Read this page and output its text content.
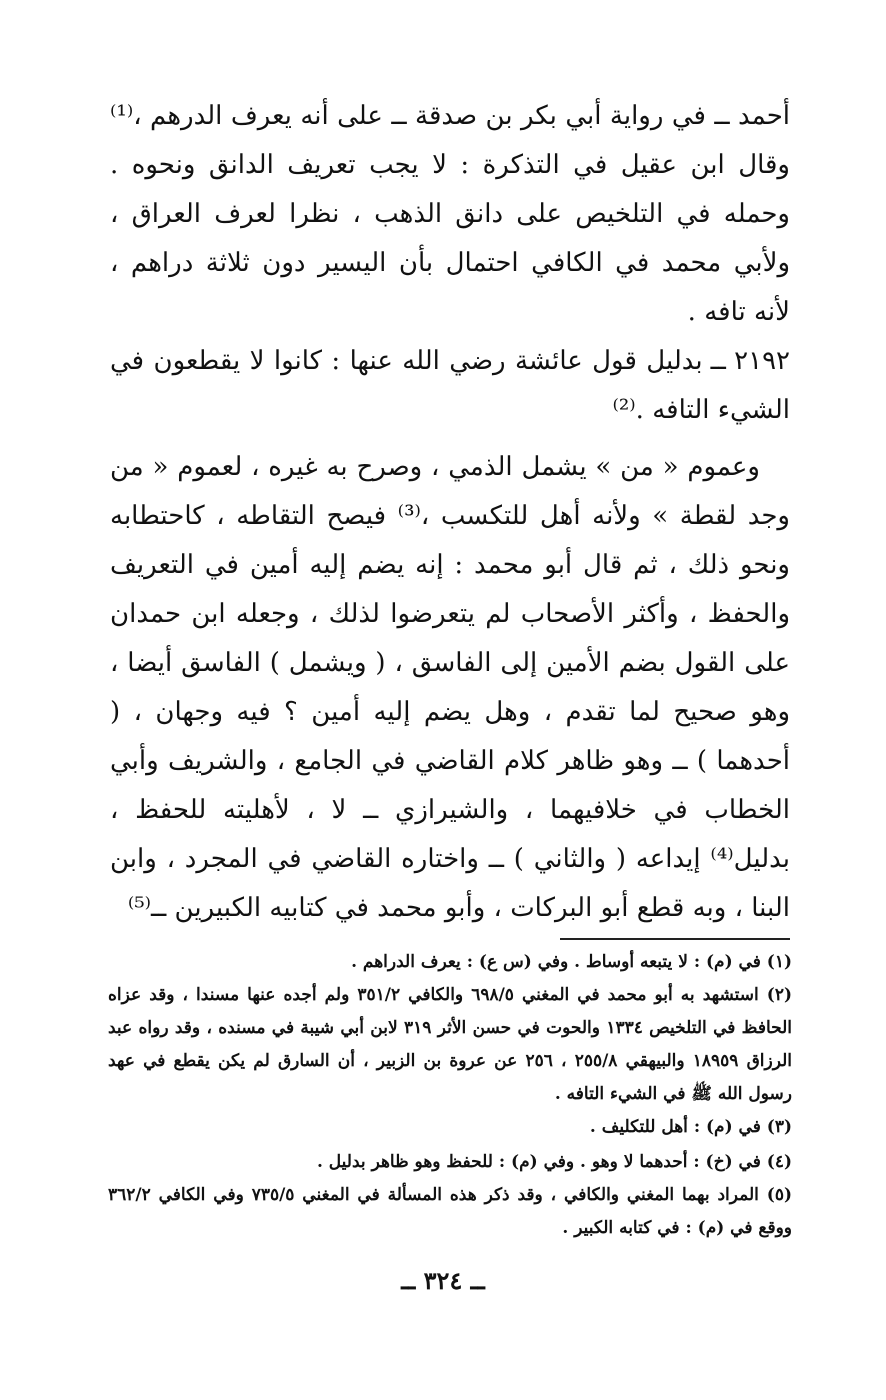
أحمد ــ في رواية أبي بكر بن صدقة ــ على أنه يعرف الدرهم ،⁽¹⁾ وقال ابن عقيل في التذكرة : لا يجب تعريف الدانق ونحوه . وحمله في التلخيص على دانق الذهب ، نظرا لعرف العراق ، ولأبي محمد في الكافي احتمال بأن اليسير دون ثلاثة دراهم ، لأنه تافه .

٢١٩٢ ــبدليل قول عائشة رضي الله عنها : كانوا لا يقطعون في الشيء التافه .⁽²⁾

وعموم « من » يشمل الذمي ، وصرح به غيره ، لعموم « من وجد لقطة » ولأنه أهل للتكسب ،⁽³⁾ فيصح التقاطه ، كاحتطابه ونحو ذلك ، ثم قال أبو محمد : إنه يضم إليه أمين في التعريف والحفظ ، وأكثر الأصحاب لم يتعرضوا لذلك ، وجعله ابن حمدان على القول بضم الأمين إلى الفاسق ، ( ويشمل ) الفاسق أيضا ، وهو صحيح لما تقدم ، وهل يضم إليه أمين ؟ فيه وجهان ، ( أحدهما ) ــ وهو ظاهر كلام القاضي في الجامع ، والشريف وأبي الخطاب في خلافيهما ، والشيرازي ــ لا ، لأهليته للحفظ ، بدليل⁽⁴⁾ إيداعه ( والثاني ) ــ واختاره القاضي في المجرد ، وابن البنا ، وبه قطع أبو البركات ، وأبو محمد في كتابيه الكبيرين ــ⁽⁵⁾

(١) في (م) : لا يتبعه أوساط . وفي (س ع) : يعرف الدراهم .

(٢) استشهد به أبو محمد في المغني ٦٩٨/٥ والكافي ٣٥١/٢ ولم أجده عنها مسندا ، وقد عزاه الحافظ في التلخيص ١٣٣٤ والحوت في حسن الأثر ٣١٩ لابن أبي شيبة في مسنده ، وقد رواه عبد الرزاق ١٨٩٥٩ والبيهقي ٢٥٥/٨ ، ٢٥٦ عن عروة بن الزبير ، أن السارق لم يكن يقطع في عهد رسول الله ﷺ في الشيء التافه .

(٣) في (م) : أهل للتكليف .

(٤) في (خ) : أحدهما لا وهو . وفي (م) : للحفظ وهو ظاهر بدليل .

(٥) المراد بهما المغني والكافي ، وقد ذكر هذه المسألة في المغني ٧٣٥/٥ وفي الكافي ٣٦٢/٢ ووقع في (م) : في كتابه الكبير .

ــ ٣٢٤ ــ
